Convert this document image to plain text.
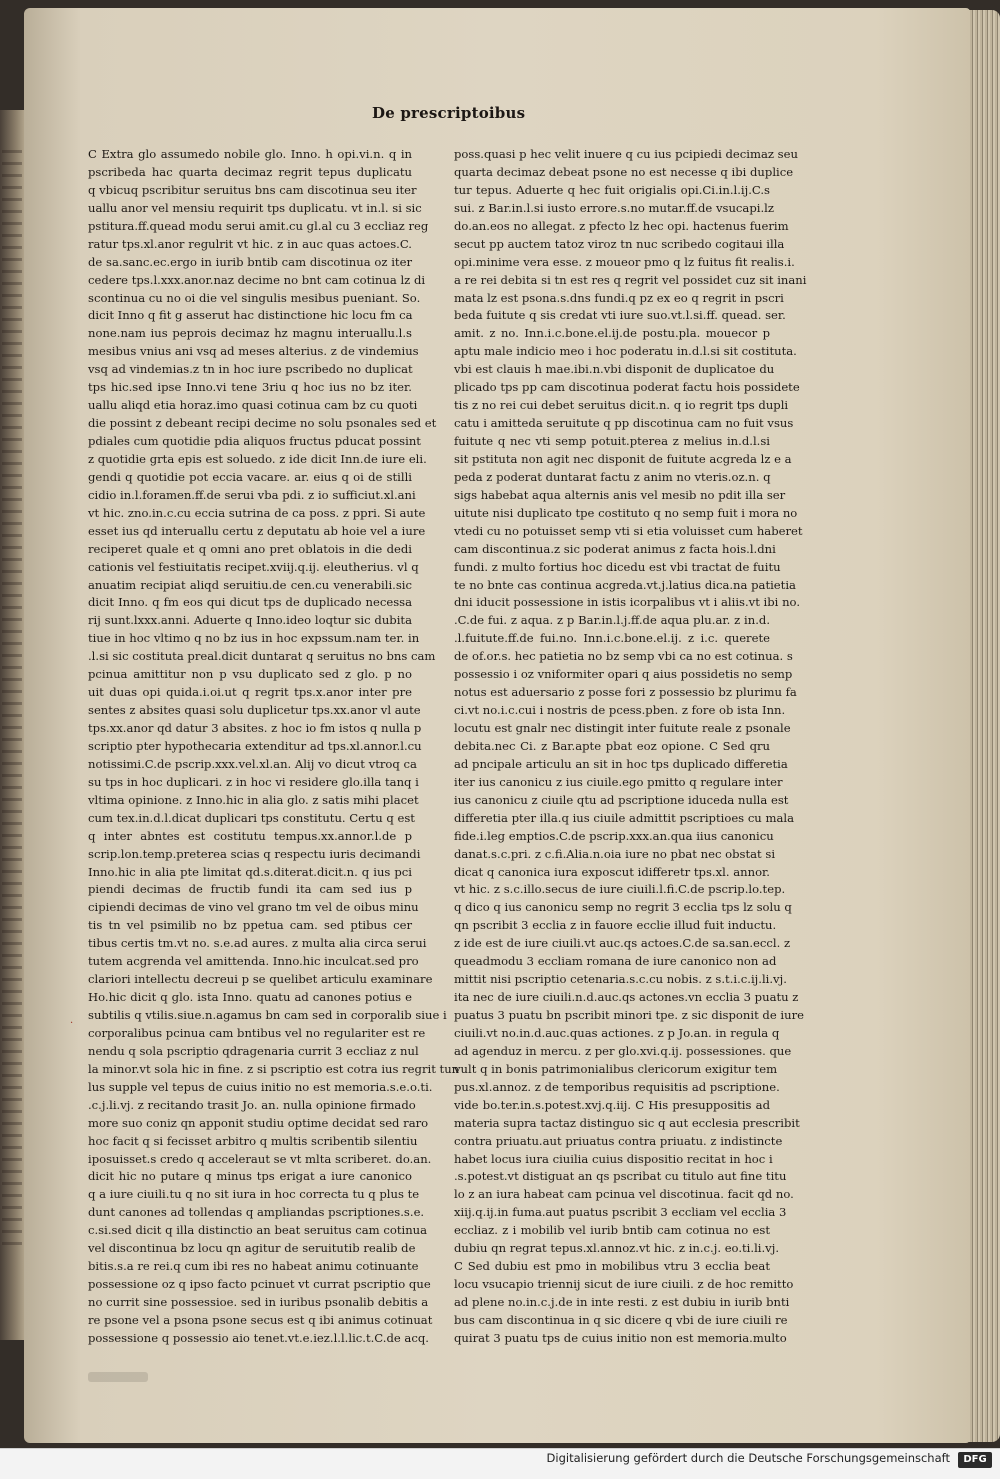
De prescriptoibus
C Extra glo assumedo nobile glo. Inno. h opi.vi.n. q in
pscribeda hac quarta decimaz regrit tepus duplicatu
q vbicuq pscribitur seruitus bns cam discotinua seu iter
uallu anor vel mensiu requirit tps duplicatu. vt in.l. si sic
pstitura.ff.quead modu serui amit.cu gl.al cu 3 eccliaz reg
ratur tps.xl.anor regulrit vt hic. z in auc quas actoes.C.
de sa.sanc.ec.ergo in iurib bntib cam discotinua oz iter
cedere tps.l.xxx.anor.naz decime no bnt cam cotinua lz di
scontinua cu no oi die vel singulis mesibus pueniant. So.
dicit Inno q fit g asserut hac distinctione hic locu fm ca
none.nam ius peprois decimaz hz magnu interuallu.l.s
mesibus vnius ani vsq ad meses alterius. z de vindemius
vsq ad vindemias.z tn in hoc iure pscribedo no duplicat
tps hic.sed ipse Inno.vi tene 3riu q hoc ius no bz iter.
uallu aliqd etia horaz.imo quasi cotinua cam bz cu quoti
die possint z debeant recipi decime no solu psonales sed et
pdiales cum quotidie pdia aliquos fructus pducat possint
z quotidie grta epis est soluedo. z ide dicit Inn.de iure eli.
gendi q quotidie pot eccia vacare. ar. eius q oi de stilli
cidio in.l.foramen.ff.de serui vba pdi. z io sufficiut.xl.ani
vt hic. zno.in.c.cu eccia sutrina de ca poss. z ppri. Si aute
esset ius qd interuallu certu z deputatu ab hoie vel a iure
reciperet quale et q omni ano pret oblatois in die dedi
cationis vel festiuitatis recipet.xviij.q.ij. eleutherius. vl q
anuatim recipiat aliqd seruitiu.de cen.cu venerabili.sic
dicit Inno. q fm eos qui dicut tps de duplicado necessa
rij sunt.lxxx.anni. Aduerte q Inno.ideo loqtur sic dubita
tiue in hoc vltimo q no bz ius in hoc expssum.nam ter. in
.l.si sic costituta preal.dicit duntarat q seruitus no bns cam
pcinua amittitur non p vsu duplicato sed z glo. p no
uit duas opi quida.i.oi.ut q regrit tps.x.anor inter pre
sentes z absites quasi solu duplicetur tps.xx.anor vl aute
tps.xx.anor qd datur 3 absites. z hoc io fm istos q nulla p
scriptio pter hypothecaria extenditur ad tps.xl.annor.l.cu
notissimi.C.de pscrip.xxx.vel.xl.an. Alij vo dicut vtroq ca
su tps in hoc duplicari. z in hoc vi residere glo.illa tanq i
vltima opinione. z Inno.hic in alia glo. z satis mihi placet
cum tex.in.d.l.dicat duplicari tps constitutu. Certu q est
q inter abntes est costitutu tempus.xx.annor.l.de p
scrip.lon.temp.preterea scias q respectu iuris decimandi
Inno.hic in alia pte limitat qd.s.diterat.dicit.n. q ius pci
piendi decimas de fructib fundi ita cam sed ius p
cipiendi decimas de vino vel grano tm vel de oibus minu
tis tn vel psimilib no bz ppetua cam. sed ptibus cer
tibus certis tm.vt no. s.e.ad aures. z multa alia circa serui
tutem acgrenda vel amittenda. Inno.hic inculcat.sed pro
clariori intellectu decreui p se quelibet articulu examinare
Ho.hic dicit q glo. ista Inno. quatu ad canones potius e
subtilis q vtilis.siue.n.agamus bn cam sed in corporalib siue i
corporalibus pcinua cam bntibus vel no regulariter est re
nendu q sola pscriptio qdragenaria currit 3 eccliaz z nul
la minor.vt sola hic in fine. z si pscriptio est cotra ius regrit tun
lus supple vel tepus de cuius initio no est memoria.s.e.o.ti.
.c.j.li.vj. z recitando trasit Jo. an. nulla opinione firmado
more suo coniz qn apponit studiu optime decidat sed raro
hoc facit q si fecisset arbitro q multis scribentib silentiu
iposuisset.s credo q acceleraut se vt mlta scriberet. do.an.
dicit hic no putare q minus tps erigat a iure canonico
q a iure ciuili.tu q no sit iura in hoc correcta tu q plus te
dunt canones ad tollendas q ampliandas pscriptiones.s.e.
c.si.sed dicit q illa distinctio an beat seruitus cam cotinua
vel discontinua bz locu qn agitur de seruitutib realib de
bitis.s.a re rei.q cum ibi res no habeat animu cotinuante
possessione oz q ipso facto pcinuet vt currat pscriptio que
no currit sine possessioe. sed in iuribus psonalib debitis a
re psone vel a psona psone secus est q ibi animus cotinuat
possessione q possessio aio tenet.vt.e.iez.l.l.lic.t.C.de acq.
poss.quasi p hec velit inuere q cu ius pcipiedi decimaz seu
quarta decimaz debeat psone no est necesse q ibi duplice
tur tepus. Aduerte q hec fuit origialis opi.Ci.in.l.ij.C.s
sui. z Bar.in.l.si iusto errore.s.no mutar.ff.de vsucapi.lz
do.an.eos no allegat. z pfecto lz hec opi. hactenus fuerim
secut pp auctem tatoz viroz tn nuc scribedo cogitaui illa
opi.minime vera esse. z moueor pmo q lz fuitus fit realis.i.
a re rei debita si tn est res q regrit vel possidet cuz sit inani
mata lz est psona.s.dns fundi.q pz ex eo q regrit in pscri
beda fuitute q sis credat vti iure suo.vt.l.si.ff. quead. ser.
amit. z no. Inn.i.c.bone.el.ij.de postu.pla. mouecor p
aptu male indicio meo i hoc poderatu in.d.l.si sit costituta.
vbi est clauis h mae.ibi.n.vbi disponit de duplicatoe du
plicado tps pp cam discotinua poderat factu hois possidete
tis z no rei cui debet seruitus dicit.n. q io regrit tps dupli
catu i amitteda seruitute q pp discotinua cam no fuit vsus
fuitute q nec vti semp potuit.pterea z melius in.d.l.si
sit pstituta non agit nec disponit de fuitute acgreda lz e a
peda z poderat duntarat factu z anim no vteris.oz.n. q
sigs habebat aqua alternis anis vel mesib no pdit illa ser
uitute nisi duplicato tpe costituto q no semp fuit i mora no
vtedi cu no potuisset semp vti si etia voluisset cum haberet
cam discontinua.z sic poderat animus z facta hois.l.dni
fundi. z multo fortius hoc dicedu est vbi tractat de fuitu
te no bnte cas continua acgreda.vt.j.latius dica.na patietia
dni iducit possessione in istis icorpalibus vt i aliis.vt ibi no.
.C.de fui. z aqua. z p Bar.in.l.j.ff.de aqua plu.ar. z in.d.
.l.fuitute.ff.de fui.no. Inn.i.c.bone.el.ij. z i.c. querete
de of.or.s. hec patietia no bz semp vbi ca no est cotinua. s
possessio i oz vniformiter opari q aius possidetis no semp
notus est aduersario z posse fori z possessio bz plurimu fa
ci.vt no.i.c.cui i nostris de pcess.pben. z fore ob ista Inn.
locutu est gnalr nec distingit inter fuitute reale z psonale
debita.nec Ci. z Bar.apte pbat eoz opione. C Sed qru
ad pncipale articulu an sit in hoc tps duplicado differetia
iter ius canonicu z ius ciuile.ego pmitto q regulare inter
ius canonicu z ciuile qtu ad pscriptione iduceda nulla est
differetia pter illa.q ius ciuile admittit pscriptioes cu mala
fide.i.leg emptios.C.de pscrip.xxx.an.qua iius canonicu
danat.s.c.pri. z c.fi.Alia.n.oia iure no pbat nec obstat si
dicat q canonica iura exposcut idifferetr tps.xl. annor.
vt hic. z s.c.illo.secus de iure ciuili.l.fi.C.de pscrip.lo.tep.
q dico q ius canonicu semp no regrit 3 ecclia tps lz solu q
qn pscribit 3 ecclia z in fauore ecclie illud fuit inductu.
z ide est de iure ciuili.vt auc.qs actoes.C.de sa.san.eccl. z
queadmodu 3 eccliam romana de iure canonico non ad
mittit nisi pscriptio cetenaria.s.c.cu nobis. z s.t.i.c.ij.li.vj.
ita nec de iure ciuili.n.d.auc.qs actones.vn ecclia 3 puatu z
puatus 3 puatu bn pscribit minori tpe. z sic disponit de iure
ciuili.vt no.in.d.auc.quas actiones. z p Jo.an. in regula q
ad agenduz in mercu. z per glo.xvi.q.ij. possessiones. que
vult q in bonis patrimonialibus clericorum exigitur tem
pus.xl.annoz. z de temporibus requisitis ad pscriptione.
vide bo.ter.in.s.potest.xvj.q.iij. C His presuppositis ad
materia supra tactaz distinguo sic q aut ecclesia prescribit
contra priuatu.aut priuatus contra priuatu. z indistincte
habet locus iura ciuilia cuius dispositio recitat in hoc i
.s.potest.vt distiguat an qs pscribat cu titulo aut fine titu
lo z an iura habeat cam pcinua vel discotinua. facit qd no.
xiij.q.ij.in fuma.aut puatus pscribit 3 eccliam vel ecclia 3
eccliaz. z i mobilib vel iurib bntib cam cotinua no est
dubiu qn regrat tepus.xl.annoz.vt hic. z in.c.j. eo.ti.li.vj.
C Sed dubiu est pmo in mobilibus vtru 3 ecclia beat
locu vsucapio triennij sicut de iure ciuili. z de hoc remitto
ad plene no.in.c.j.de in inte resti. z est dubiu in iurib bnti
bus cam discontinua in q sic dicere q vbi de iure ciuili re
quirat 3 puatu tps de cuius initio non est memoria.multo
·
Digitalisierung gefördert durch die Deutsche Forschungsgemeinschaft	DFG
